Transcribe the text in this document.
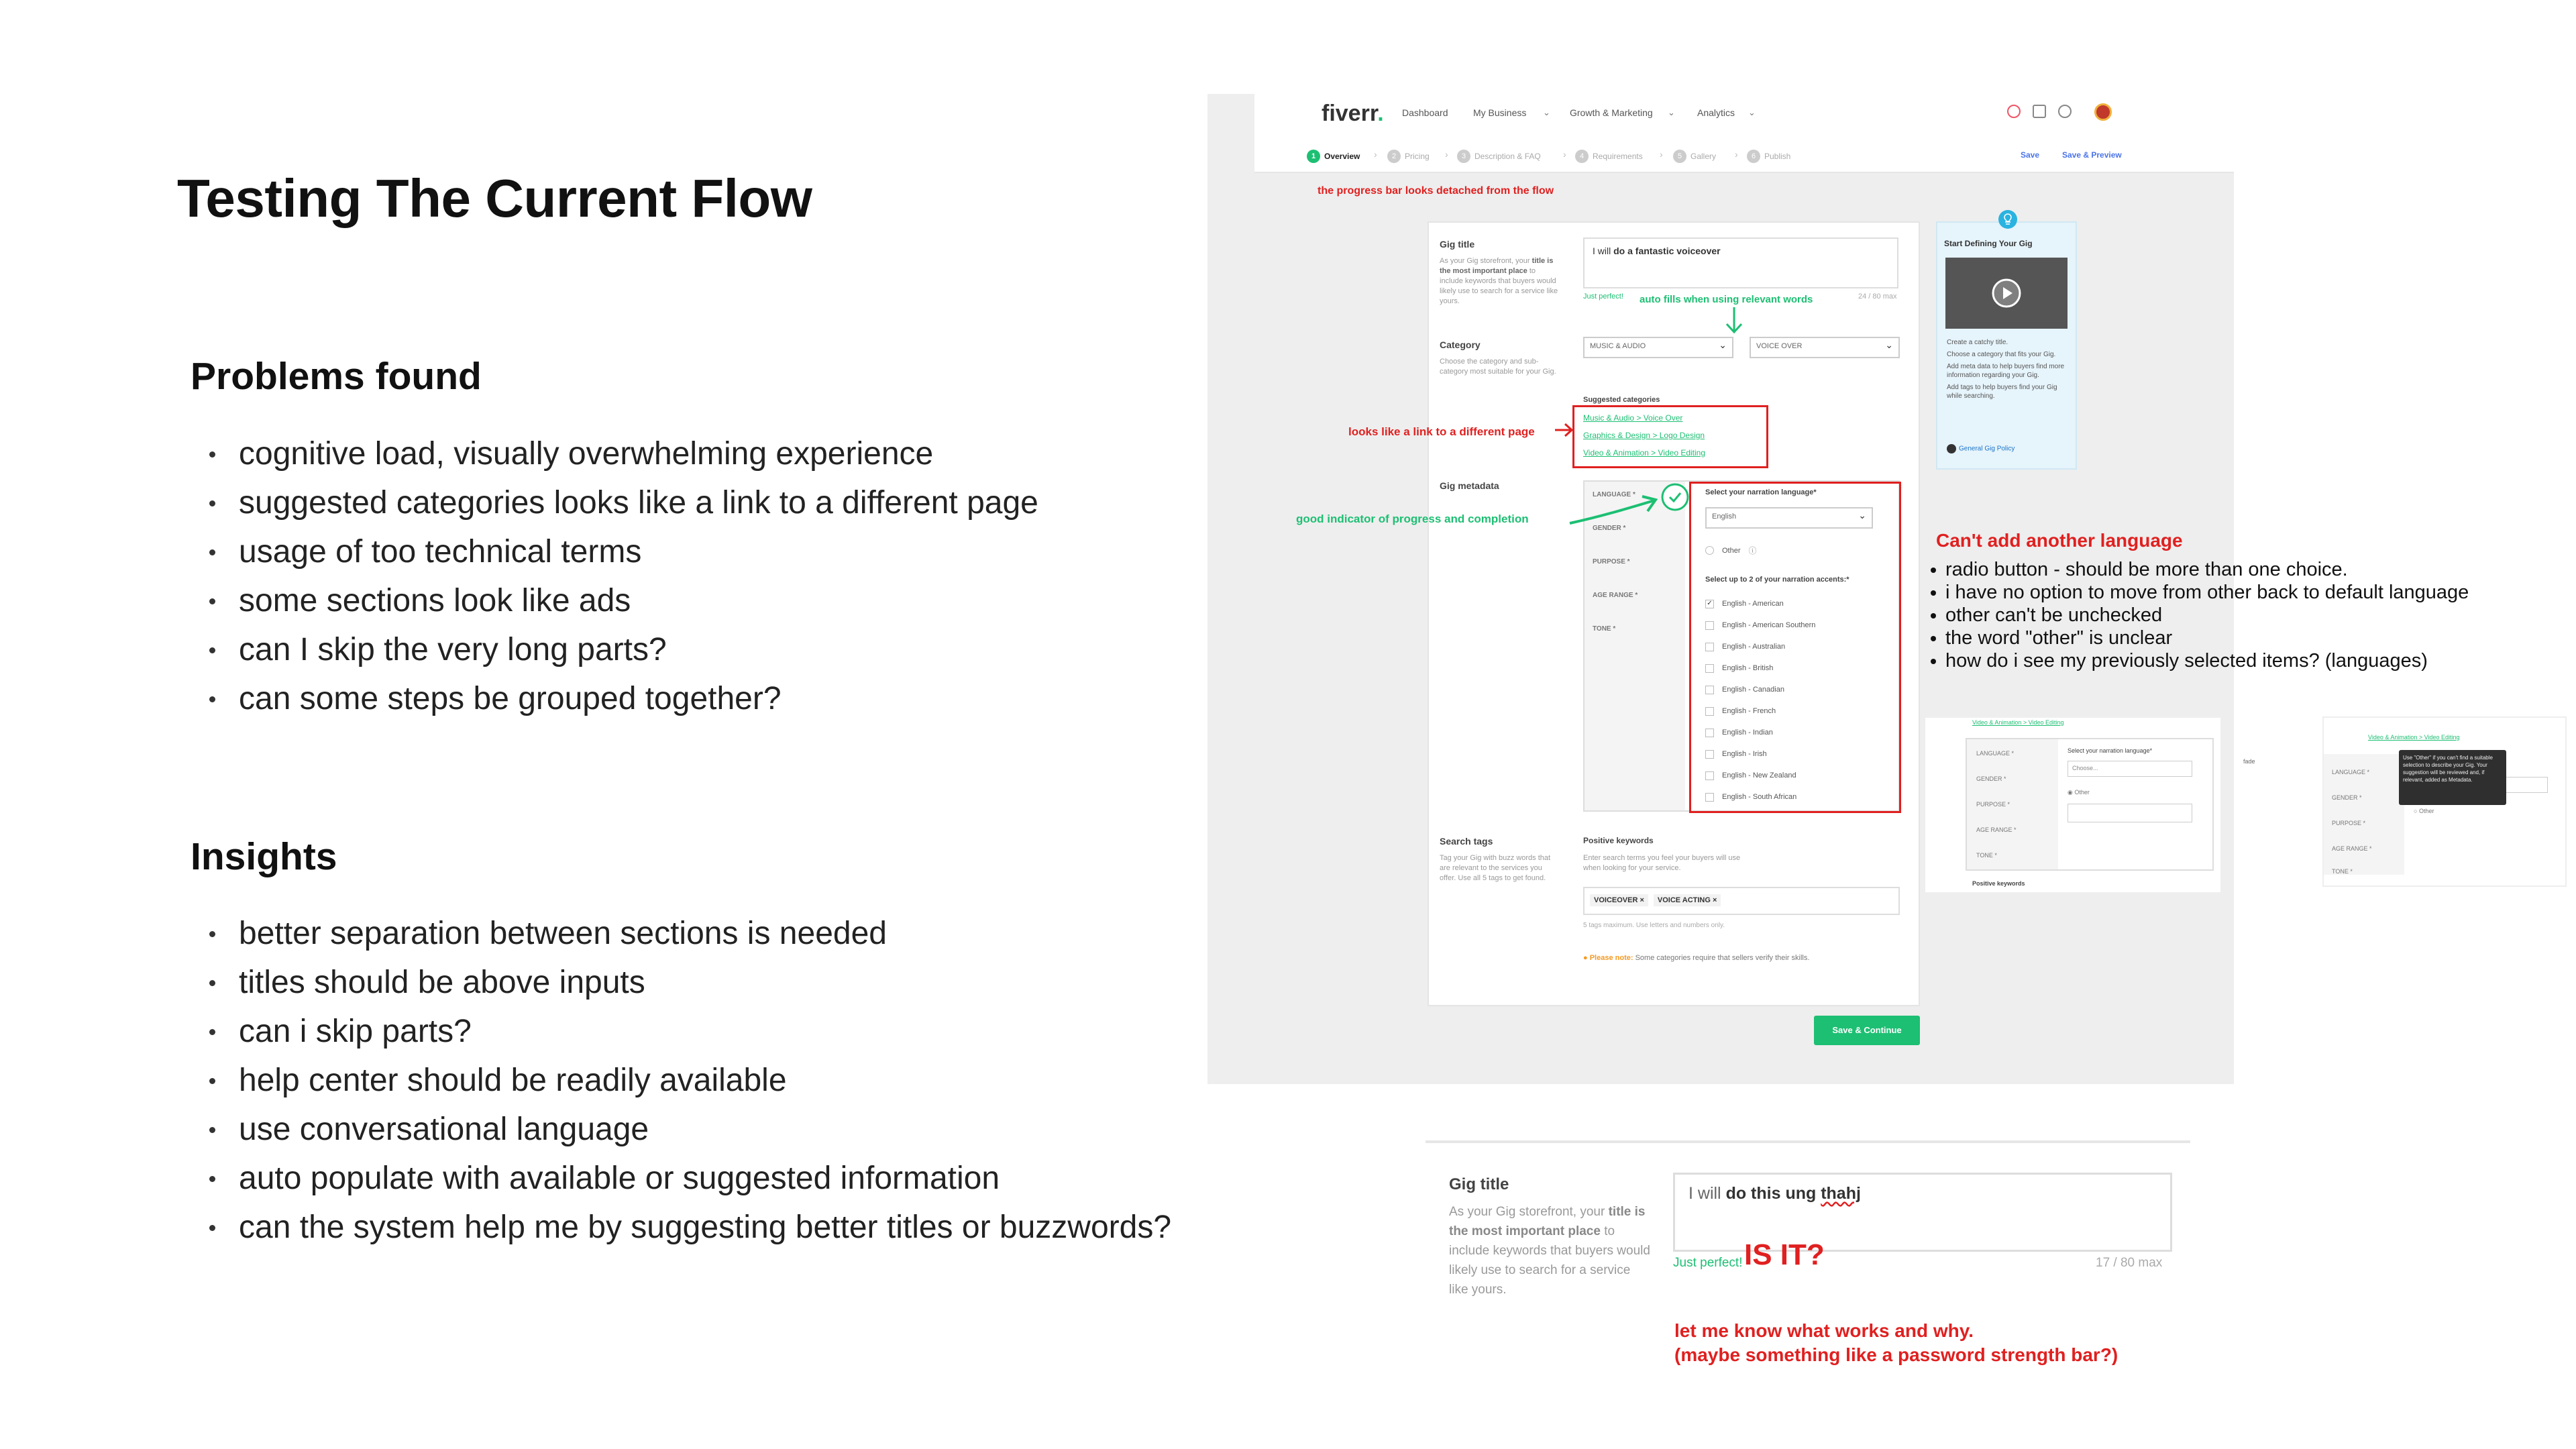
Testing The Current Flow
Problems found
cognitive load, visually overwhelming experience
suggested categories looks like a link to a different page
usage of too technical terms
some sections look like ads
can I skip the very long parts?
can some steps be grouped together?
Insights
better separation between sections is needed
titles should be above inputs
can i skip parts?
help center should be readily available
use conversational language
auto populate with available or suggested information
can the system help me by suggesting better titles or buzzwords?
fiverr. Dashboard	My Business ⌄ Growth & Marketing ⌄ Analytics ⌄
1	Overview ›	2	Pricing ›	3	Description & FAQ ›	4	Requirements ›	5	Gallery ›	6	Publish	Save	Save & Preview
the progress bar looks detached from the flow
Gig title
As your Gig storefront, your title is the most important place to include keywords that buyers would likely use to search for a service like yours.
I will do a fantastic voiceover
Just perfect!	24 / 80 max
auto fills when using relevant words
Category
Choose the category and sub-category most suitable for your Gig.
MUSIC & AUDIO ⌄	VOICE OVER ⌄
Suggested categories
Music & Audio > Voice Over
Graphics & Design > Logo Design
Video & Animation > Video Editing
looks like a link to a different page
Gig metadata
LANGUAGE *
GENDER *
PURPOSE *
AGE RANGE *
TONE *
good indicator of progress and completion
Select your narration language*
English ⌄
Other ⓘ
Select up to 2 of your narration accents:*
✓ English - American
English - American Southern
English - Australian
English - British
English - Canadian
English - French
English - Indian
English - Irish
English - New Zealand
English - South African
Search tags
Tag your Gig with buzz words that are relevant to the services you offer. Use all 5 tags to get found.
Positive keywords
Enter search terms you feel your buyers will use when looking for your service.
VOICEOVER × VOICE ACTING ×
5 tags maximum. Use letters and numbers only.
● Please note: Some categories require that sellers verify their skills.
Save & Continue
Start Defining Your Gig
Create a catchy title.
Choose a category that fits your Gig.
Add meta data to help buyers find more information regarding your Gig.
Add tags to help buyers find your Gig while searching.
General Gig Policy
Can't add another language
radio button - should be more than one choice.
i have no option to move from other back to default language
other can't be unchecked
the word "other" is unclear
how do i see my previously selected items? (languages)
Video & Animation > Video Editing
LANGUAGE *
GENDER *
PURPOSE *
AGE RANGE *
TONE *
Select your narration language*
Choose...
◉ Other
Positive keywords
fade
Video & Animation > Video Editing
LANGUAGE *
GENDER *
PURPOSE *
AGE RANGE *
TONE *
Use "Other" if you can't find a suitable selection to describe your Gig. Your suggestion will be reviewed and, if relevant, added as Metadata.
○ Other
Gig title
As your Gig storefront, your title is the most important place to include keywords that buyers would likely use to search for a service like yours.
I will do this ung thahj
Just perfect!	17 / 80 max
IS IT?
let me know what works and why.
(maybe something like a password strength bar?)
